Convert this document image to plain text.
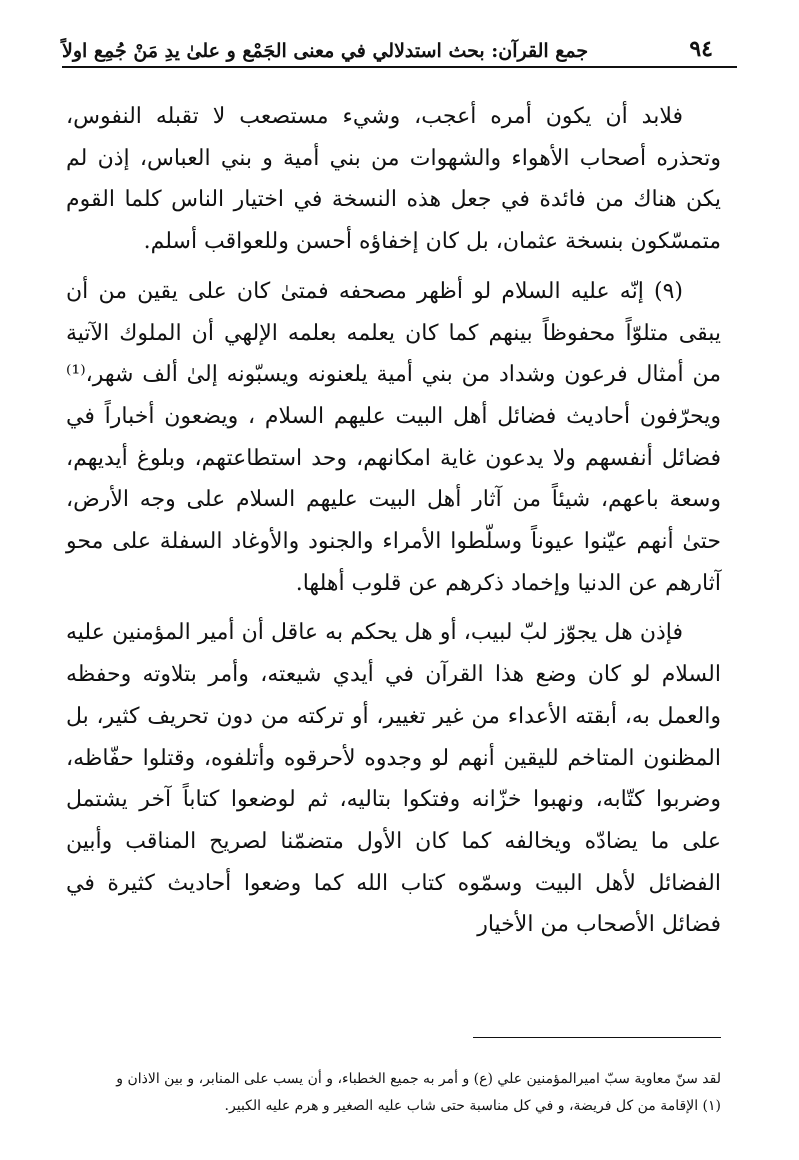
٩٤
جمع القرآن: بحث استدلالي في معنى الجَمْع و علىٰ يدِ مَنْ جُمِع اولاً

فلابد أن يكون أمره أعجب، وشيء مستصعب لا تقبله النفوس، وتحذره أصحاب الأهواء والشهوات من بني أمية و بني العباس، إذن لم يكن هناك من فائدة في جعل هذه النسخة في اختيار الناس كلما القوم متمسّكون بنسخة عثمان، بل كان إخفاؤه أحسن وللعواقب أسلم.

(٩) إنّه عليه السلام لو أظهر مصحفه فمتىٰ كان على يقين من أن يبقى متلوّاً محفوظاً بينهم كما كان يعلمه بعلمه الإلهي أن الملوك الآتية من أمثال فرعون وشداد من بني أمية يلعنونه ويسبّونه إلىٰ ألف شهر،⁽¹⁾ ويحرّفون أحاديث فضائل أهل البيت عليهم السلام ، ويضعون أخباراً في فضائل أنفسهم ولا يدعون غاية امكانهم، وحد استطاعتهم، وبلوغ أيديهم، وسعة باعهم، شيئاً من آثار أهل البيت عليهم السلام على وجه الأرض، حتىٰ أنهم عيّنوا عيوناً وسلّطوا الأمراء والجنود والأوغاد السفلة على محو آثارهم عن الدنيا وإخماد ذكرهم عن قلوب أهلها.

فإذن هل يجوّز لبّ لبيب، أو هل يحكم به عاقل أن أمير المؤمنين عليه السلام لو كان وضع هذا القرآن في أيدي شيعته، وأمر بتلاوته وحفظه والعمل به، أبقته الأعداء من غير تغيير، أو تركته من دون تحريف كثير، بل المظنون المتاخم لليقين أنهم لو وجدوه لأحرقوه وأتلفوه، وقتلوا حفّاظه، وضربوا كتّابه، ونهبوا خزّانه وفتكوا بتاليه، ثم لوضعوا كتاباً آخر يشتمل على ما يضادّه ويخالفه كما كان الأول متضمّنا لصريح المناقب وأبين الفضائل لأهل البيت وسمّوه كتاب الله كما وضعوا أحاديث كثيرة في فضائل الأصحاب من الأخيار

لقد سنّ معاوية سبّ اميرالمؤمنين علي (ع) و أمر به جميع الخطباء، و أن يسب على المنابر، و بين الاذان و

(١) الإقامة من كل فريضة، و في كل مناسبة حتى شاب عليه الصغير و هرم عليه الكبير.
